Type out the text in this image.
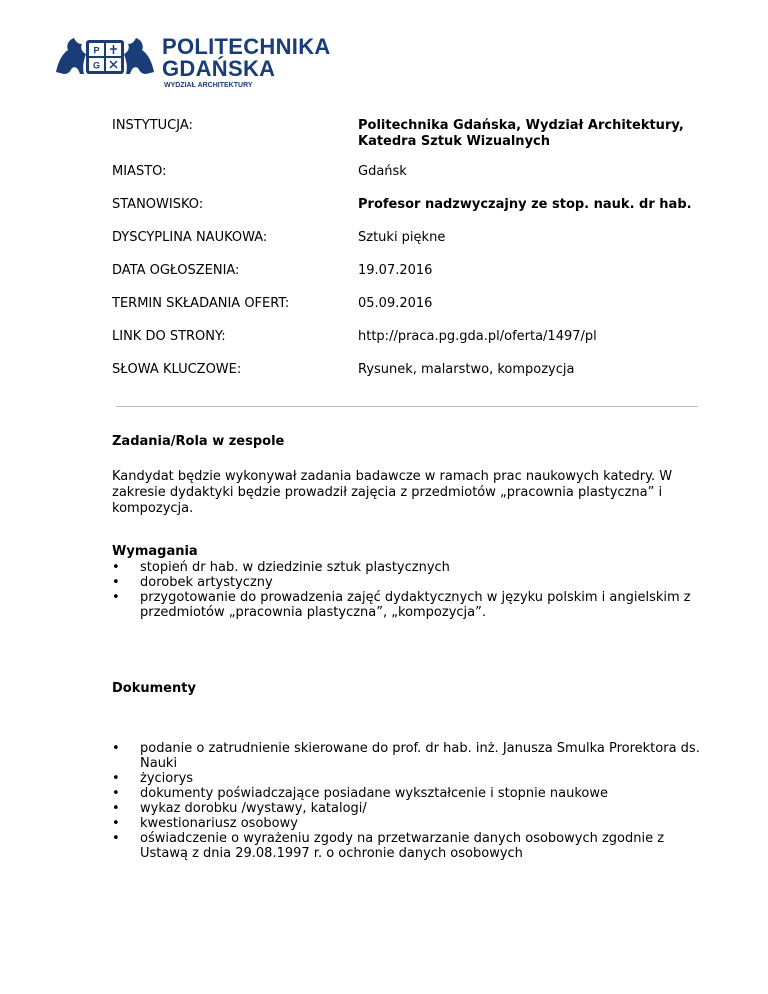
P
G
POLITECHNIKA
GDAŃSKA
WYDZIAŁ ARCHITEKTURY
INSTYTUCJA:	Politechnika Gdańska, Wydział Architektury, Katedra Sztuk Wizualnych
MIASTO:	Gdańsk
STANOWISKO:	Profesor nadzwyczajny ze stop. nauk. dr hab.
DYSCYPLINA NAUKOWA:	Sztuki piękne
DATA OGŁOSZENIA:	19.07.2016
TERMIN SKŁADANIA OFERT:	05.09.2016
LINK DO STRONY:	http://praca.pg.gda.pl/oferta/1497/pl
SŁOWA KLUCZOWE:	Rysunek, malarstwo, kompozycja
Zadania/Rola w zespole
Kandydat będzie wykonywał zadania badawcze w ramach prac naukowych katedry. W zakresie dydaktyki będzie prowadził zajęcia z przedmiotów „pracownia plastyczna” i kompozycja.
Wymagania
• stopień dr hab. w dziedzinie sztuk plastycznych
• dorobek artystyczny
• przygotowanie do prowadzenia zajęć dydaktycznych w języku polskim i angielskim z przedmiotów „pracownia plastyczna”, „kompozycja”.
Dokumenty
• podanie o zatrudnienie skierowane do prof. dr hab. inż. Janusza Smulka Prorektora ds. Nauki
• życiorys
• dokumenty poświadczające posiadane wykształcenie i stopnie naukowe
• wykaz dorobku /wystawy, katalogi/
• kwestionariusz osobowy
• oświadczenie o wyrażeniu zgody na przetwarzanie danych osobowych zgodnie z Ustawą z dnia 29.08.1997 r. o ochronie danych osobowych
